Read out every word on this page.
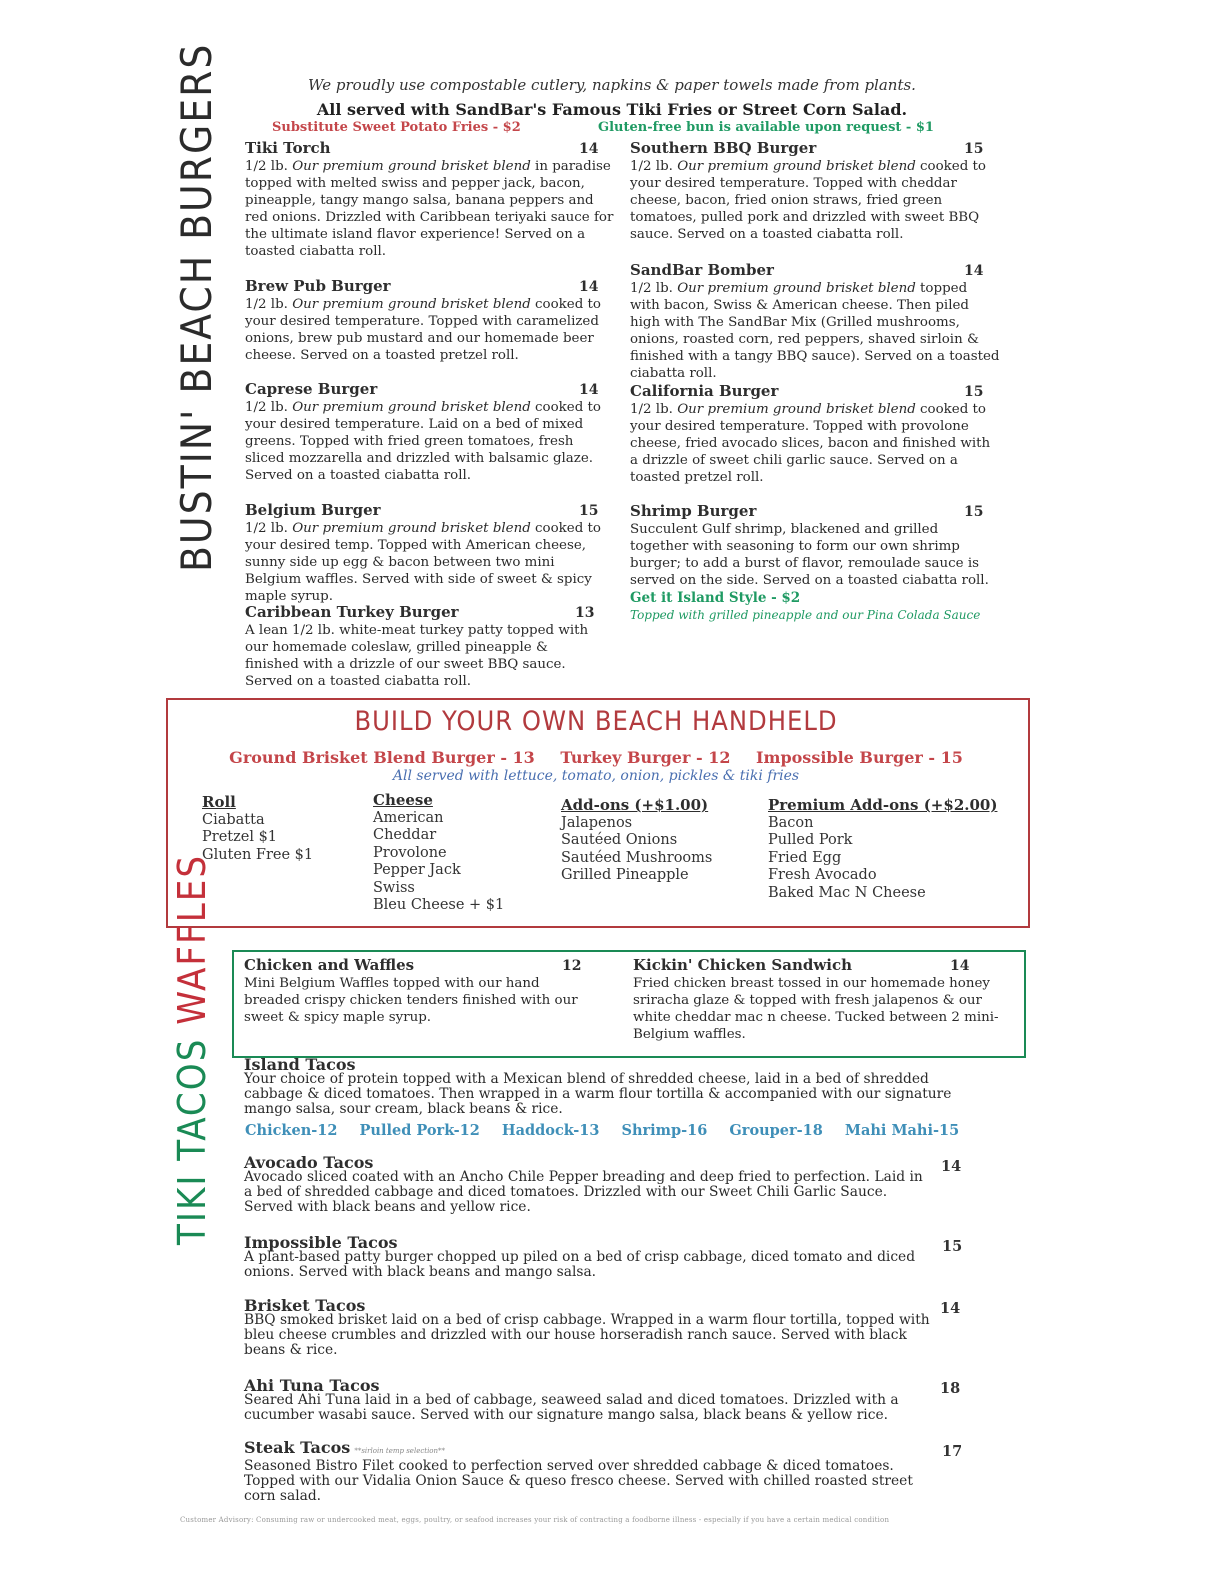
We proudly use compostable cutlery, napkins & paper towels made from plants.
All served with SandBar's Famous Tiki Fries or Street Corn Salad.
Substitute Sweet Potato Fries - $2	Gluten-free bun is available upon request - $1
BUSTIN' BEACH BURGERS Tiki Torch	14
1/2 lb. Our premium ground brisket blend in paradise topped with melted swiss and pepper jack, bacon, pineapple, tangy mango salsa, banana peppers and red onions. Drizzled with Caribbean teriyaki sauce for the ultimate island flavor experience! Served on a toasted ciabatta roll.
Brew Pub Burger	14
1/2 lb. Our premium ground brisket blend cooked to your desired temperature. Topped with caramelized onions, brew pub mustard and our homemade beer cheese. Served on a toasted pretzel roll.
Caprese Burger	14
1/2 lb. Our premium ground brisket blend cooked to your desired temperature. Laid on a bed of mixed greens. Topped with fried green tomatoes, fresh sliced mozzarella and drizzled with balsamic glaze. Served on a toasted ciabatta roll.
Belgium Burger	15
1/2 lb. Our premium ground brisket blend cooked to your desired temp. Topped with American cheese, sunny side up egg & bacon between two mini Belgium waffles. Served with side of sweet & spicy maple syrup.
Caribbean Turkey Burger	13
A lean 1/2 lb. white-meat turkey patty topped with our homemade coleslaw, grilled pineapple & finished with a drizzle of our sweet BBQ sauce. Served on a toasted ciabatta roll.
Southern BBQ Burger	15
1/2 lb. Our premium ground brisket blend cooked to your desired temperature. Topped with cheddar cheese, bacon, fried onion straws, fried green tomatoes, pulled pork and drizzled with sweet BBQ sauce. Served on a toasted ciabatta roll.
SandBar Bomber	14
1/2 lb. Our premium ground brisket blend topped with bacon, Swiss & American cheese. Then piled high with The SandBar Mix (Grilled mushrooms, onions, roasted corn, red peppers, shaved sirloin & finished with a tangy BBQ sauce). Served on a toasted ciabatta roll.
California Burger	15
1/2 lb. Our premium ground brisket blend cooked to your desired temperature. Topped with provolone cheese, fried avocado slices, bacon and finished with a drizzle of sweet chili garlic sauce. Served on a toasted pretzel roll.
Shrimp Burger	15
Succulent Gulf shrimp, blackened and grilled together with seasoning to form our own shrimp burger; to add a burst of flavor, remoulade sauce is served on the side. Served on a toasted ciabatta roll.
Get it Island Style - $2
Topped with grilled pineapple and our Pina Colada Sauce
BUILD YOUR OWN BEACH HANDHELD
Ground Brisket Blend Burger - 13 Turkey Burger - 12 Impossible Burger - 15
All served with lettuce, tomato, onion, pickles & tiki fries
Roll
Ciabatta
Pretzel $1
Gluten Free $1
Cheese
American
Cheddar
Provolone
Pepper Jack
Swiss
Bleu Cheese + $1
Add-ons (+$1.00)
Jalapenos
Sautéed Onions
Sautéed Mushrooms
Grilled Pineapple
Premium Add-ons (+$2.00)
Bacon
Pulled Pork
Fried Egg
Fresh Avocado
Baked Mac N Cheese
TIKI TACOS WAFFLES Chicken and Waffles	12
Mini Belgium Waffles topped with our hand breaded crispy chicken tenders finished with our sweet & spicy maple syrup.
Kickin' Chicken Sandwich	14
Fried chicken breast tossed in our homemade honey sriracha glaze & topped with fresh jalapenos & our white cheddar mac n cheese. Tucked between 2 mini-Belgium waffles.
Island Tacos
Your choice of protein topped with a Mexican blend of shredded cheese, laid in a bed of shredded cabbage & diced tomatoes. Then wrapped in a warm flour tortilla & accompanied with our signature mango salsa, sour cream, black beans & rice.
Chicken-12 Pulled Pork-12 Haddock-13 Shrimp-16 Grouper-18 Mahi Mahi-15
Avocado Tacos
Avocado sliced coated with an Ancho Chile Pepper breading and deep fried to perfection. Laid in a bed of shredded cabbage and diced tomatoes. Drizzled with our Sweet Chili Garlic Sauce. Served with black beans and yellow rice.
14
Impossible Tacos
A plant-based patty burger chopped up piled on a bed of crisp cabbage, diced tomato and diced onions. Served with black beans and mango salsa.
15
Brisket Tacos
BBQ smoked brisket laid on a bed of crisp cabbage. Wrapped in a warm flour tortilla, topped with bleu cheese crumbles and drizzled with our house horseradish ranch sauce. Served with black beans & rice.
14
Ahi Tuna Tacos
Seared Ahi Tuna laid in a bed of cabbage, seaweed salad and diced tomatoes. Drizzled with a cucumber wasabi sauce. Served with our signature mango salsa, black beans & yellow rice.
18
Steak Tacos **sirloin temp selection**
Seasoned Bistro Filet cooked to perfection served over shredded cabbage & diced tomatoes. Topped with our Vidalia Onion Sauce & queso fresco cheese. Served with chilled roasted street corn salad.
17
Customer Advisory: Consuming raw or undercooked meat, eggs, poultry, or seafood increases your risk of contracting a foodborne illness - especially if you have a certain medical condition
